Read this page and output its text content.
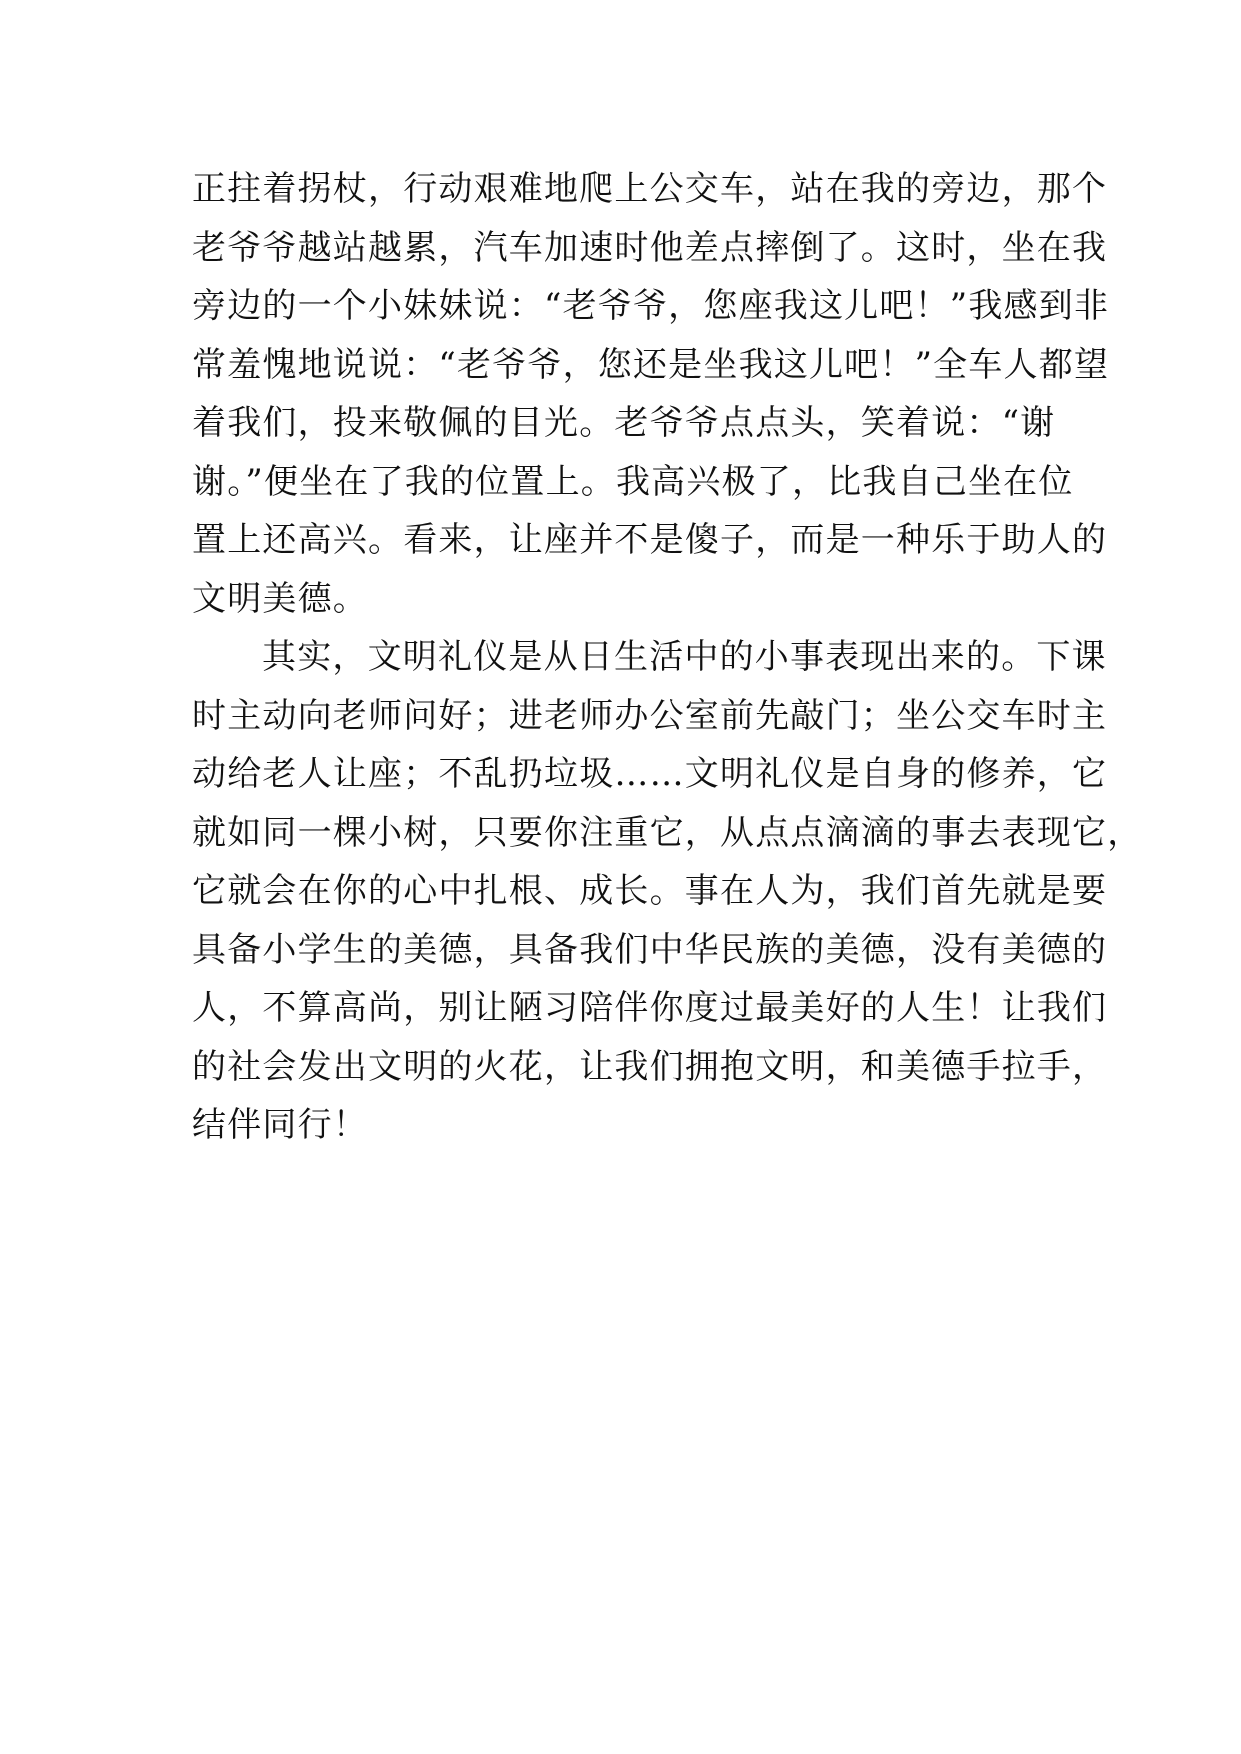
正拄着拐杖，行动艰难地爬上公交车，站在我的旁边，那个
老爷爷越站越累，汽车加速时他差点摔倒了。这时，坐在我
旁边的一个小妹妹说：“老爷爷，您座我这儿吧！”我感到非
常羞愧地说说：“老爷爷，您还是坐我这儿吧！”全车人都望
着我们，投来敬佩的目光。老爷爷点点头，笑着说：“谢
谢。”便坐在了我的位置上。我高兴极了，比我自己坐在位
置上还高兴。看来，让座并不是傻子，而是一种乐于助人的
文明美德。
其实，文明礼仪是从日生活中的小事表现出来的。下课
时主动向老师问好；进老师办公室前先敲门；坐公交车时主
动给老人让座；不乱扔垃圾……文明礼仪是自身的修养，它
就如同一棵小树，只要你注重它，从点点滴滴的事去表现它，
它就会在你的心中扎根、成长。事在人为，我们首先就是要
具备小学生的美德，具备我们中华民族的美德，没有美德的
人，不算高尚，别让陋习陪伴你度过最美好的人生！让我们
的社会发出文明的火花，让我们拥抱文明，和美德手拉手，
结伴同行！
